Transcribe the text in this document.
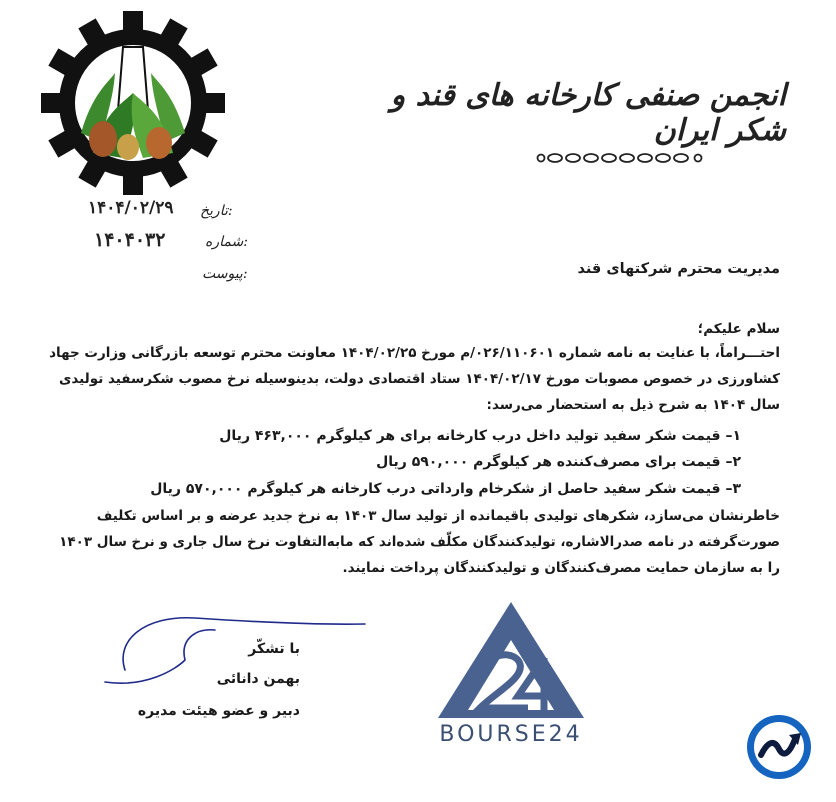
انجمن صنفی کارخانه های قند و شکر ایران
تاریخ:
شماره:
پیوست:
۱۴۰۴/۰۲/۲۹
۱۴۰۴۰۳۲
مدیریت محترم شرکتهای قند
سلام علیکم؛
احتـــراماً، با عنایت به نامه شماره ۰۲۶/۱۱۰۶۰۱/م مورخ ۱۴۰۴/۰۲/۲۵ معاونت محترم توسعه بازرگانی وزارت جهاد
کشاورزی در خصوص مصوبات مورخ ۱۴۰۴/۰۲/۱۷ ستاد اقتصادی دولت، بدینوسیله نرخ مصوب شکرسفید تولیدی
سال ۱۴۰۴ به شرح ذیل به استحضار می‌رسد:
۱– قیمت شکر سفید تولید داخل درب کارخانه برای هر کیلوگرم ۴۶۳,۰۰۰ ریال
۲– قیمت برای مصرف‌کننده هر کیلوگرم ۵۹۰,۰۰۰ ریال
۳– قیمت شکر سفید حاصل از شکرخام وارداتی درب کارخانه هر کیلوگرم ۵۷۰,۰۰۰ ریال
خاطرنشان می‌سازد، شکرهای تولیدی باقیمانده از تولید سال ۱۴۰۳ به نرخ جدید عرضه و بر اساس تکلیف
صورت‌گرفته در نامه صدرالاشاره، تولیدکنندگان مکلّف شده‌اند که مابه‌التفاوت نرخ سال جاری و نرخ سال ۱۴۰۳
را به سازمان حمایت مصرف‌کنندگان و تولیدکنندگان پرداخت نمایند.
با تشکّر
بهمن دانائی
دبیر و عضو هیئت مدیره
BOURSE24
